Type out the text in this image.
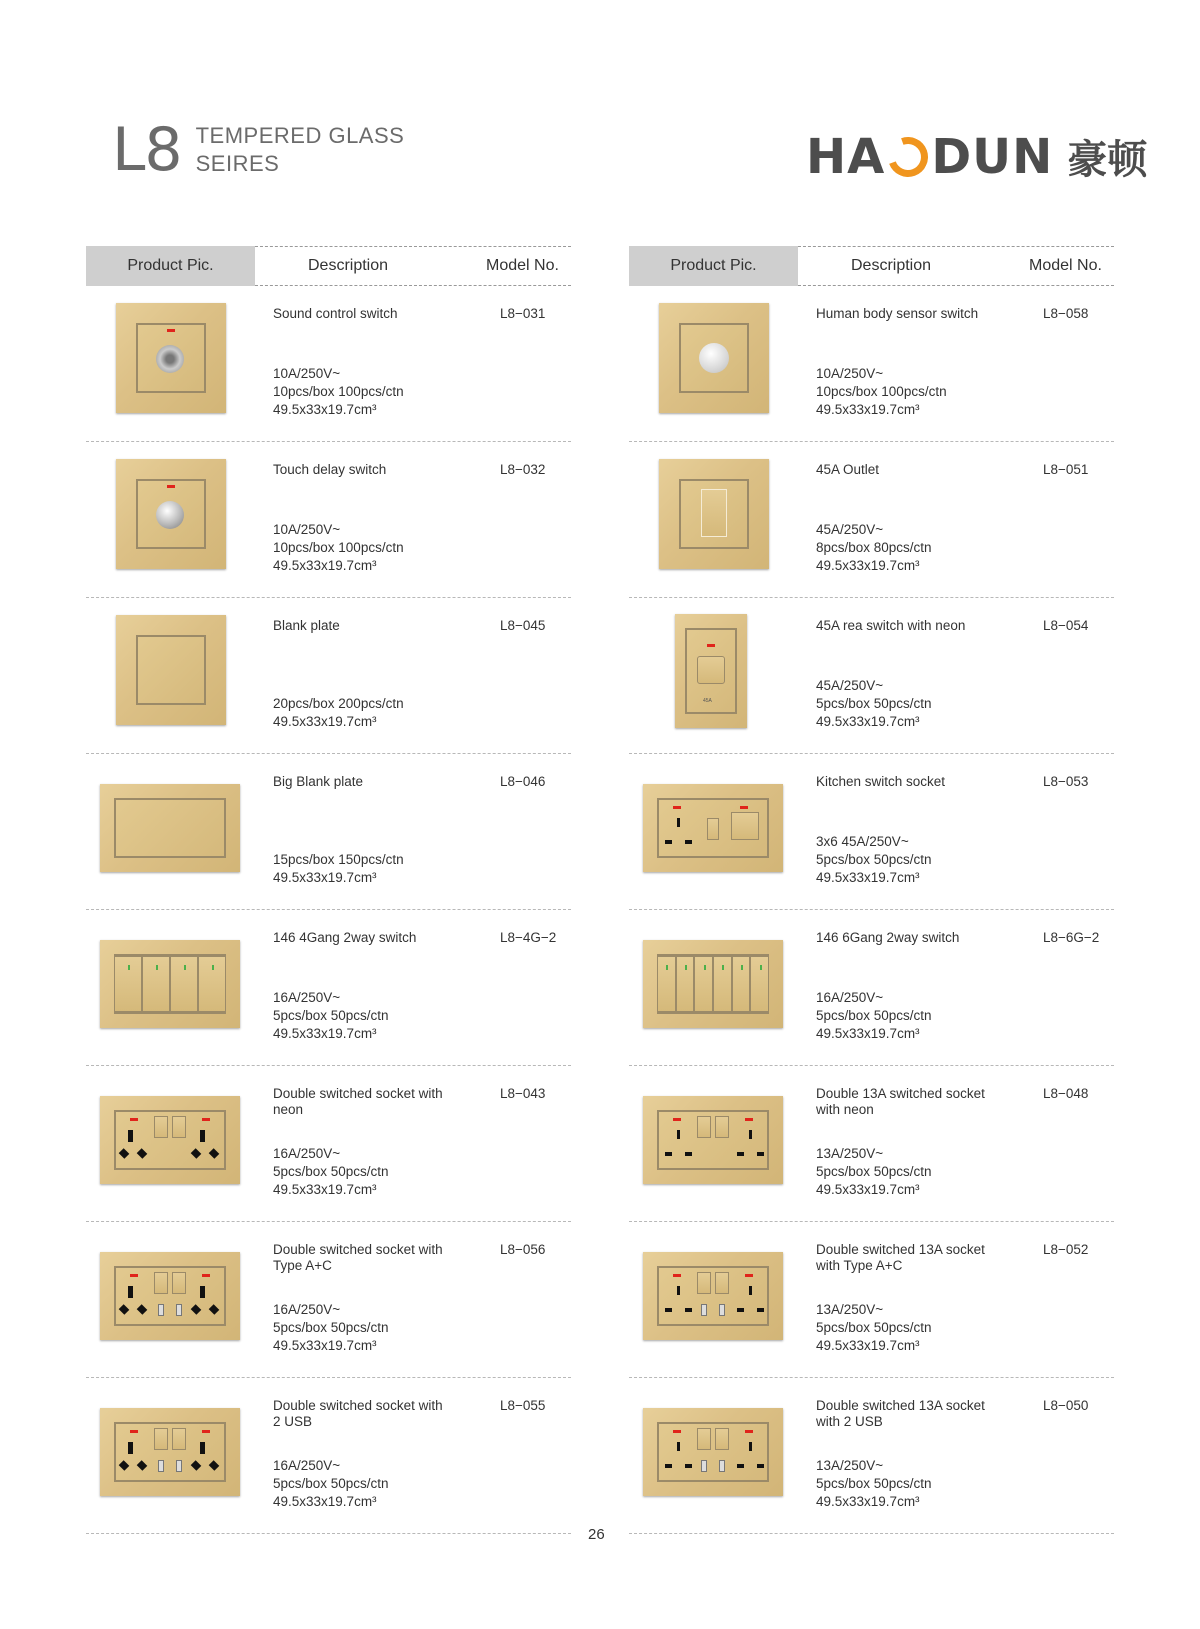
L8 TEMPERED GLASS
SEIRES	HA DUN 豪顿
Product Pic.	Description	Model No.
Sound control switch	L8−031
10A/250V~
10pcs/box 100pcs/ctn
49.5x33x19.7cm³
Touch delay switch	L8−032
10A/250V~
10pcs/box 100pcs/ctn
49.5x33x19.7cm³
Blank plate	L8−045
20pcs/box 200pcs/ctn
49.5x33x19.7cm³
Big Blank plate	L8−046
15pcs/box 150pcs/ctn
49.5x33x19.7cm³
146 4Gang 2way switch	L8−4G−2
16A/250V~
5pcs/box 50pcs/ctn
49.5x33x19.7cm³
Double switched socket with neon
L8−043
16A/250V~
5pcs/box 50pcs/ctn
49.5x33x19.7cm³
Double switched socket with Type A+C
L8−056
16A/250V~
5pcs/box 50pcs/ctn
49.5x33x19.7cm³
Double switched socket with 2 USB
L8−055
16A/250V~
5pcs/box 50pcs/ctn
49.5x33x19.7cm³
Product Pic.	Description	Model No.
Human body sensor switch	L8−058
10A/250V~
10pcs/box 100pcs/ctn
49.5x33x19.7cm³
45A Outlet	L8−051
45A/250V~
8pcs/box 80pcs/ctn
49.5x33x19.7cm³
45A
45A rea switch with neon	L8−054
45A/250V~
5pcs/box 50pcs/ctn
49.5x33x19.7cm³
Kitchen switch socket	L8−053
3x6 45A/250V~
5pcs/box 50pcs/ctn
49.5x33x19.7cm³
146 6Gang 2way switch	L8−6G−2
16A/250V~
5pcs/box 50pcs/ctn
49.5x33x19.7cm³
Double 13A switched socket with neon
L8−048
13A/250V~
5pcs/box 50pcs/ctn
49.5x33x19.7cm³
Double switched 13A socket with Type A+C
L8−052
13A/250V~
5pcs/box 50pcs/ctn
49.5x33x19.7cm³
Double switched 13A socket with 2 USB
L8−050
13A/250V~
5pcs/box 50pcs/ctn
49.5x33x19.7cm³
26
